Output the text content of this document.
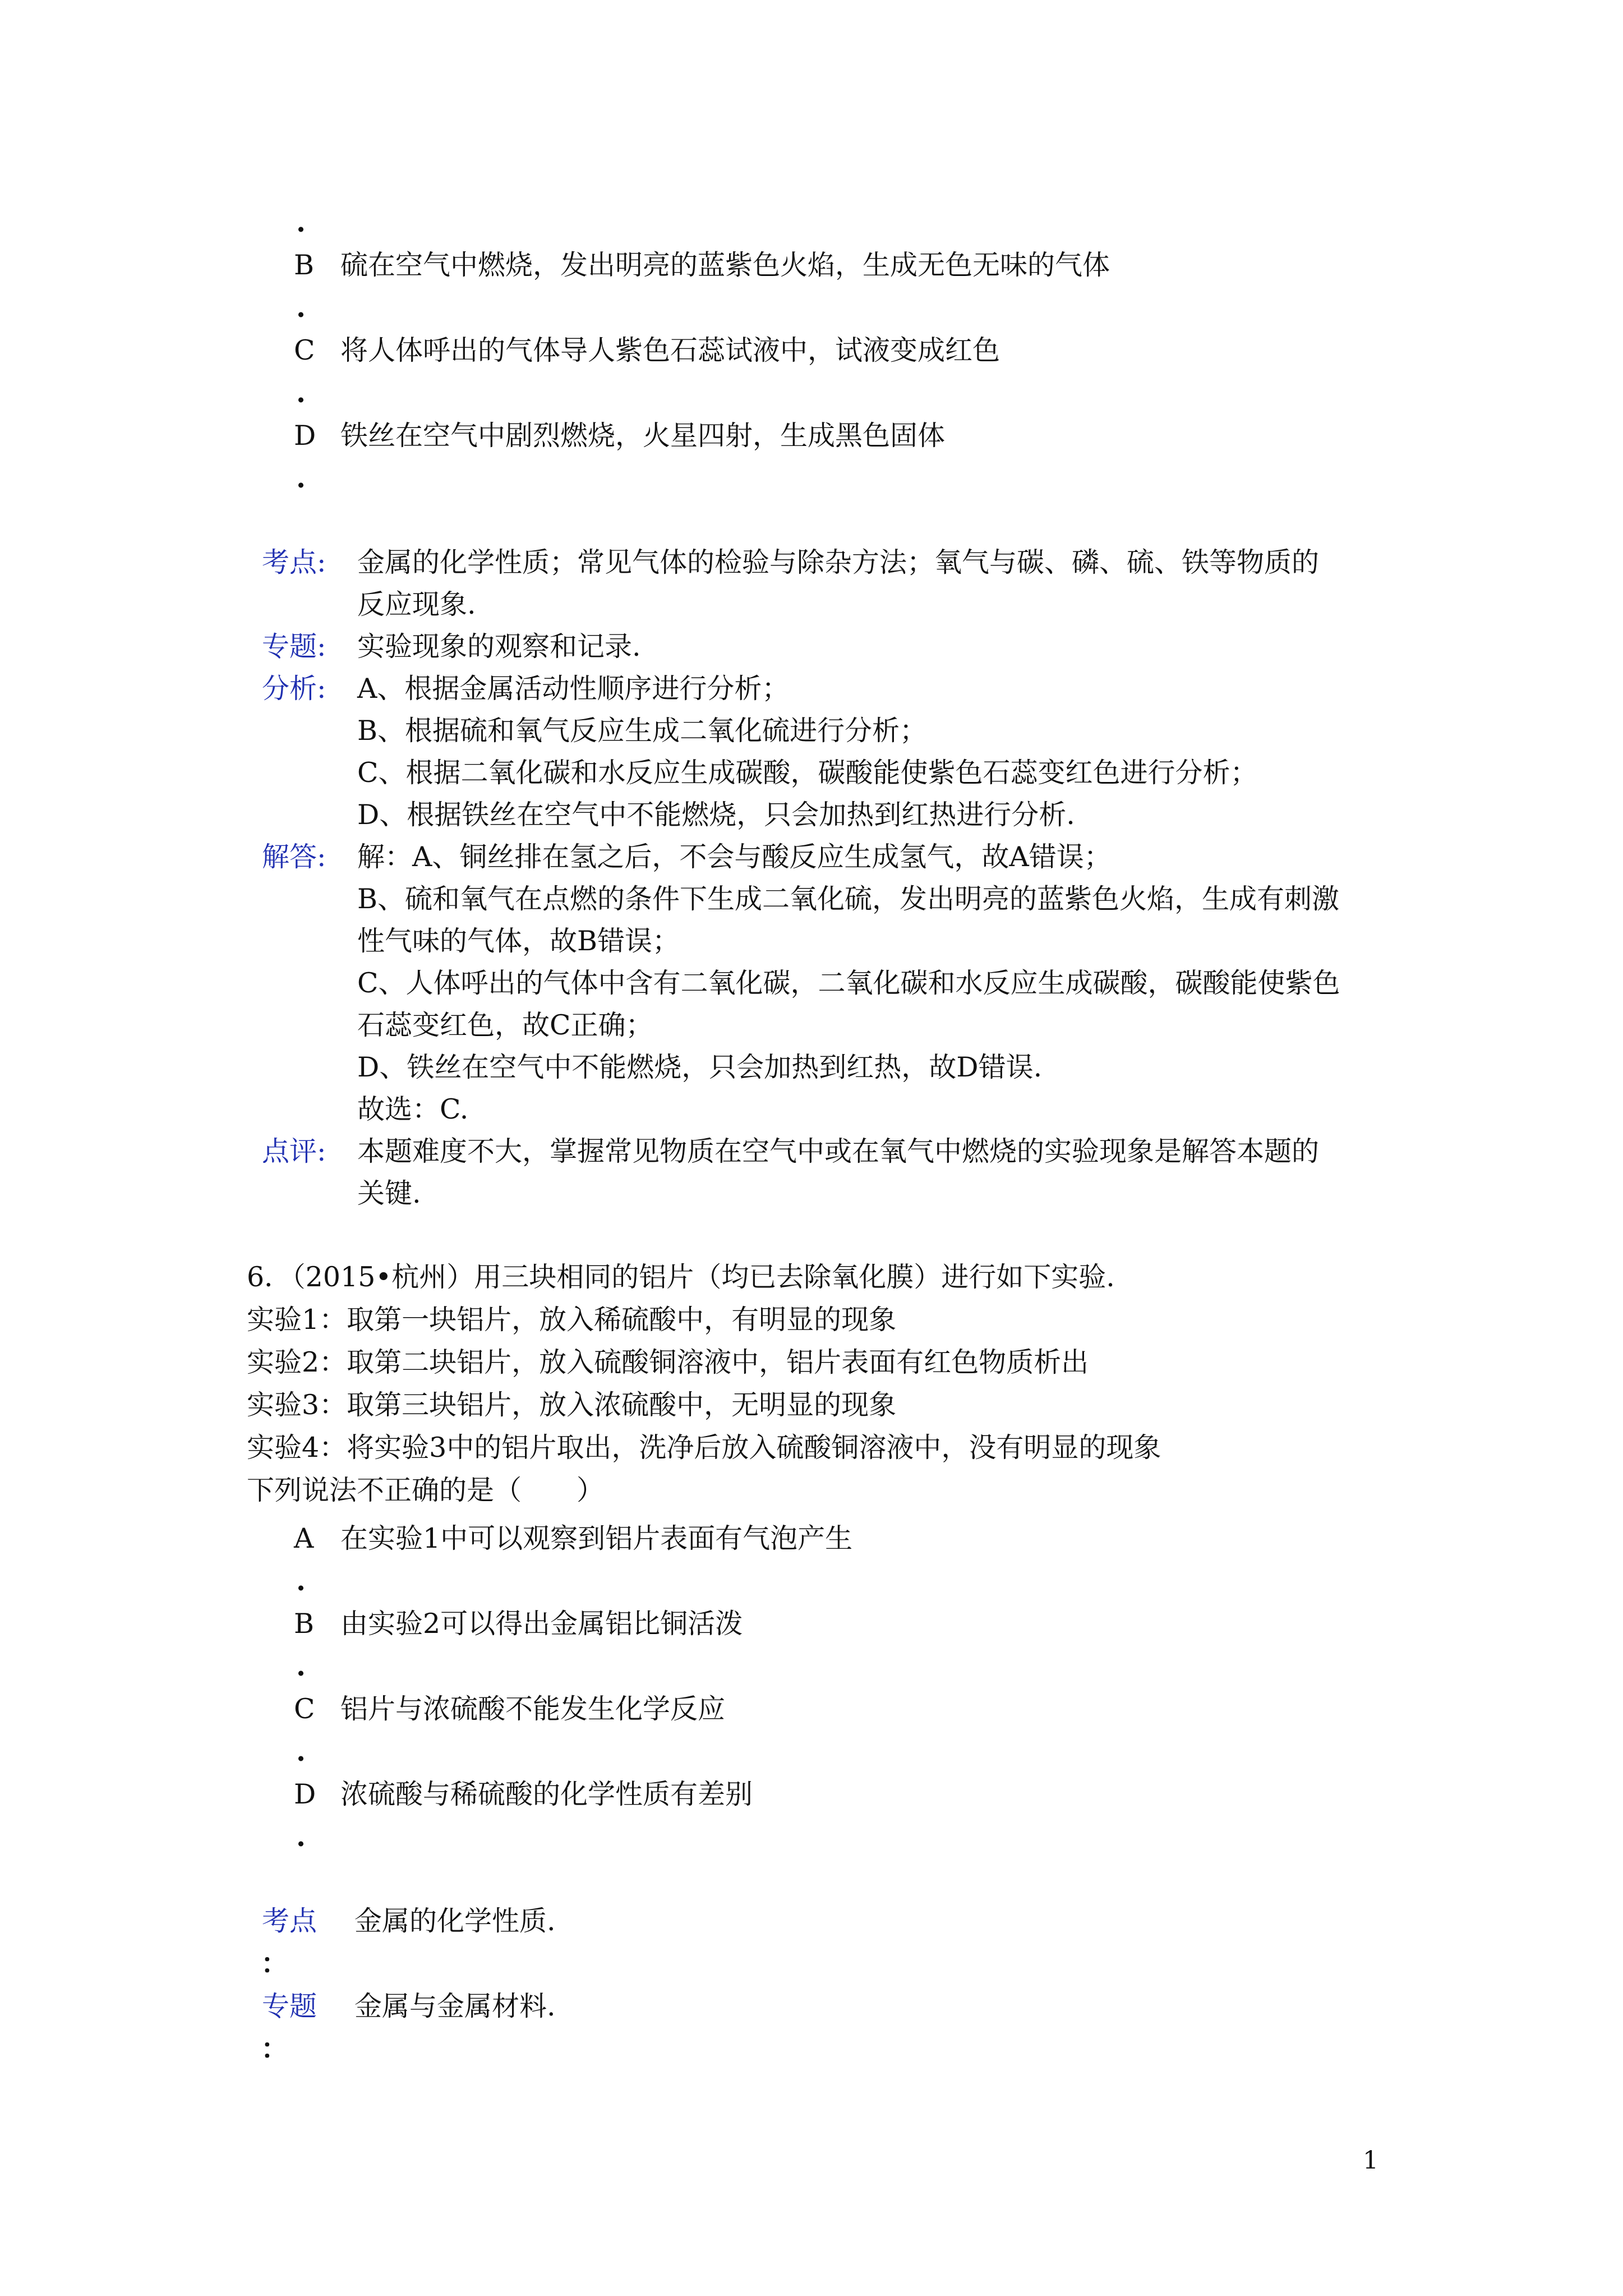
.
B 硫在空气中燃烧，发出明亮的蓝紫色火焰，生成无色无味的气体
.
C 将人体呼出的气体导人紫色石蕊试液中，试液变成红色
.
D 铁丝在空气中剧烈燃烧，火星四射，生成黑色固体
.
考点: 金属的化学性质；常见气体的检验与除杂方法；氧气与碳、磷、硫、铁等物质的
反应现象.
专题: 实验现象的观察和记录.
分析: A、根据金属活动性顺序进行分析；
B、根据硫和氧气反应生成二氧化硫进行分析；
C、根据二氧化碳和水反应生成碳酸，碳酸能使紫色石蕊变红色进行分析；
D、根据铁丝在空气中不能燃烧，只会加热到红热进行分析.
解答: 解：A、铜丝排在氢之后，不会与酸反应生成氢气，故A错误；
B、硫和氧气在点燃的条件下生成二氧化硫，发出明亮的蓝紫色火焰，生成有刺激
性气味的气体，故B错误；
C、人体呼出的气体中含有二氧化碳，二氧化碳和水反应生成碳酸，碳酸能使紫色
石蕊变红色，故C正确；
D、铁丝在空气中不能燃烧，只会加热到红热，故D错误.
故选：C.
点评: 本题难度不大，掌握常见物质在空气中或在氧气中燃烧的实验现象是解答本题的
关键.
6．（2015•杭州）用三块相同的铝片（均已去除氧化膜）进行如下实验.
实验1：取第一块铝片，放入稀硫酸中，有明显的现象
实验2：取第二块铝片，放入硫酸铜溶液中，铝片表面有红色物质析出
实验3：取第三块铝片，放入浓硫酸中，无明显的现象
实验4：将实验3中的铝片取出，洗净后放入硫酸铜溶液中，没有明显的现象
下列说法不正确的是（　　）
A 在实验1中可以观察到铝片表面有气泡产生
.
B 由实验2可以得出金属铝比铜活泼
.
C 铝片与浓硫酸不能发生化学反应
.
D 浓硫酸与稀硫酸的化学性质有差别
.
考点 金属的化学性质.
：
专题 金属与金属材料.
：
1
